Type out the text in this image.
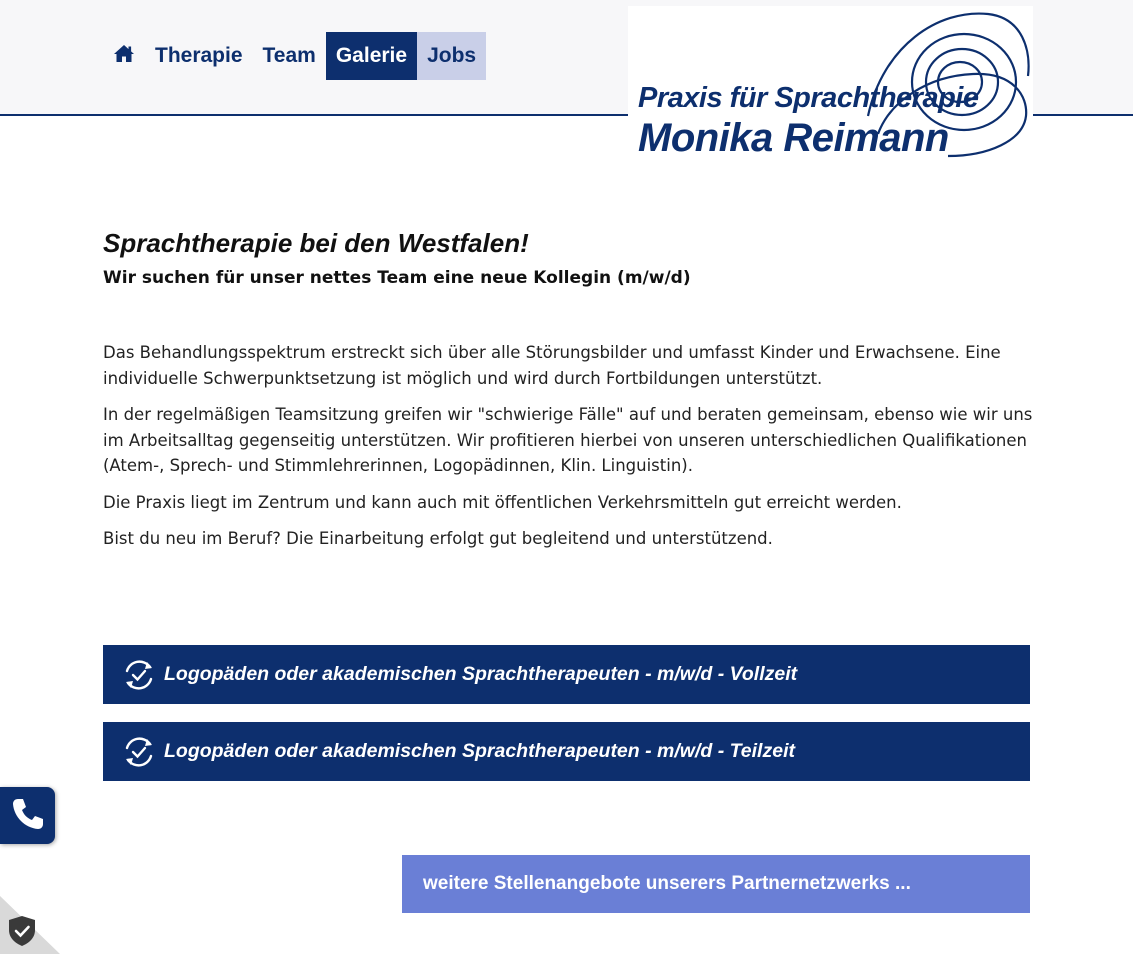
Therapie Team Galerie Jobs
Praxis für Sprachtherapie
Monika Reimann
Sprachtherapie bei den Westfalen!
Wir suchen für unser nettes Team eine neue Kollegin (m/w/d)

Das Behandlungsspektrum erstreckt sich über alle Störungsbilder und umfasst Kinder und Erwachsene. Eine individuelle Schwerpunktsetzung ist möglich und wird durch Fortbildungen unterstützt.

In der regelmäßigen Teamsitzung greifen wir "schwierige Fälle" auf und beraten gemeinsam, ebenso wie wir uns im Arbeitsalltag gegenseitig unterstützen. Wir profitieren hierbei von unseren unterschiedlichen Qualifikationen (Atem-, Sprech- und Stimmlehrerinnen, Logopädinnen, Klin. Linguistin).

Die Praxis liegt im Zentrum und kann auch mit öffentlichen Verkehrsmitteln gut erreicht werden.

Bist du neu im Beruf? Die Einarbeitung erfolgt gut begleitend und unterstützend.

Logopäden oder akademischen Sprachtherapeuten - m/w/d - Vollzeit
Logopäden oder akademischen Sprachtherapeuten - m/w/d - Teilzeit
weitere Stellenangebote unserers Partnernetzwerks ...
